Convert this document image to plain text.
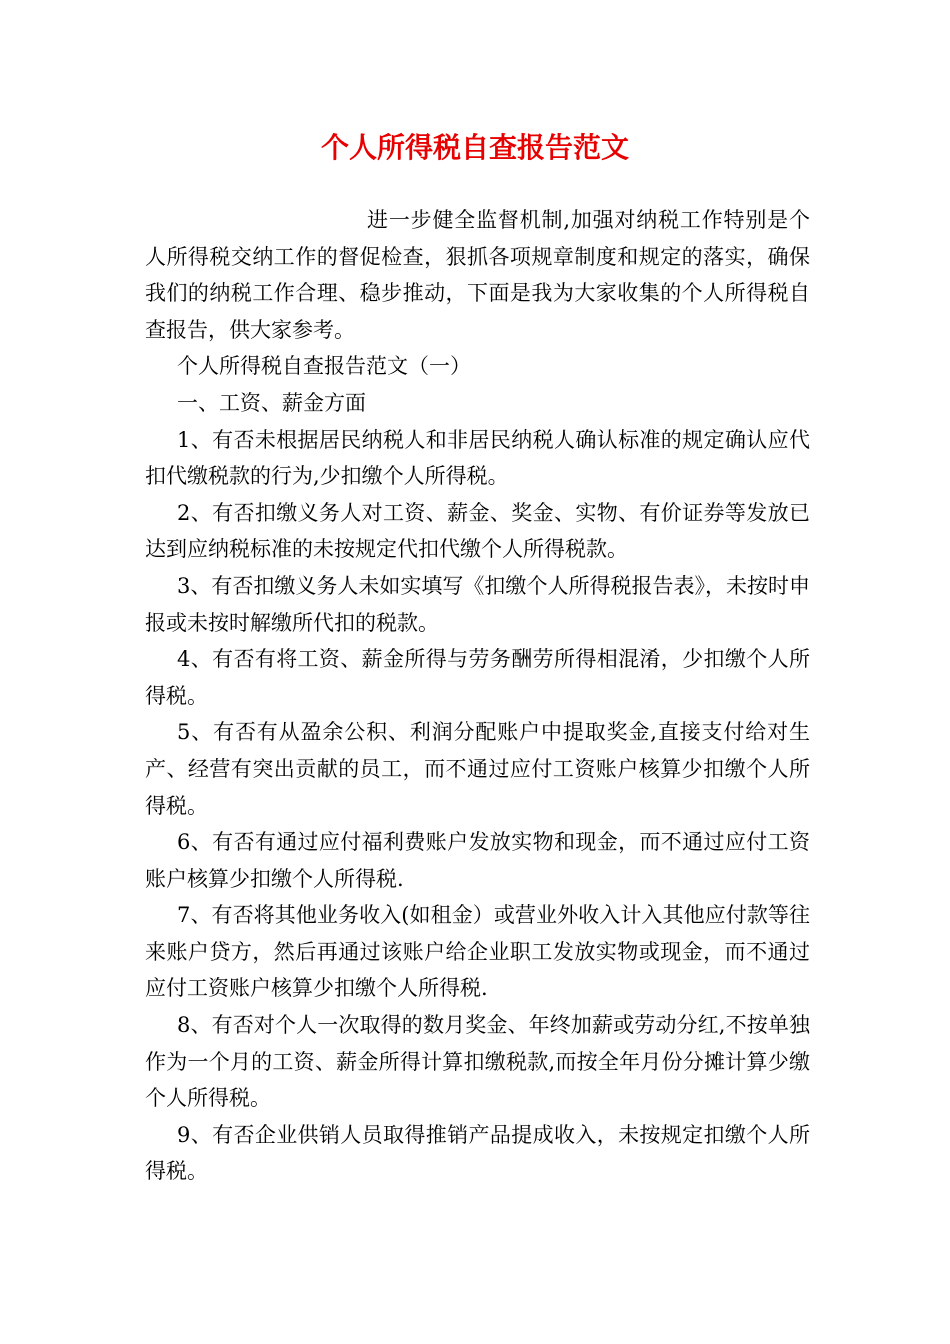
个人所得税自查报告范文

进一步健全监督机制,加强对纳税工作特别是个人所得税交纳工作的督促检查，狠抓各项规章制度和规定的落实，确保我们的纳税工作合理、稳步推动，下面是我为大家收集的个人所得税自查报告，供大家参考。

个人所得税自查报告范文（一）

一、工资、薪金方面

1、有否未根据居民纳税人和非居民纳税人确认标准的规定确认应代扣代缴税款的行为,少扣缴个人所得税。

2、有否扣缴义务人对工资、薪金、奖金、实物、有价证券等发放已达到应纳税标准的未按规定代扣代缴个人所得税款。

3、有否扣缴义务人未如实填写《扣缴个人所得税报告表》，未按时申报或未按时解缴所代扣的税款。

4、有否有将工资、薪金所得与劳务酬劳所得相混淆，少扣缴个人所得税。

5、有否有从盈余公积、利润分配账户中提取奖金,直接支付给对生产、经营有突出贡献的员工，而不通过应付工资账户核算少扣缴个人所得税。

6、有否有通过应付福利费账户发放实物和现金，而不通过应付工资账户核算少扣缴个人所得税.

7、有否将其他业务收入(如租金）或营业外收入计入其他应付款等往来账户贷方，然后再通过该账户给企业职工发放实物或现金，而不通过应付工资账户核算少扣缴个人所得税.

8、有否对个人一次取得的数月奖金、年终加薪或劳动分红,不按单独作为一个月的工资、薪金所得计算扣缴税款,而按全年月份分摊计算少缴个人所得税。

9、有否企业供销人员取得推销产品提成收入，未按规定扣缴个人所得税。
